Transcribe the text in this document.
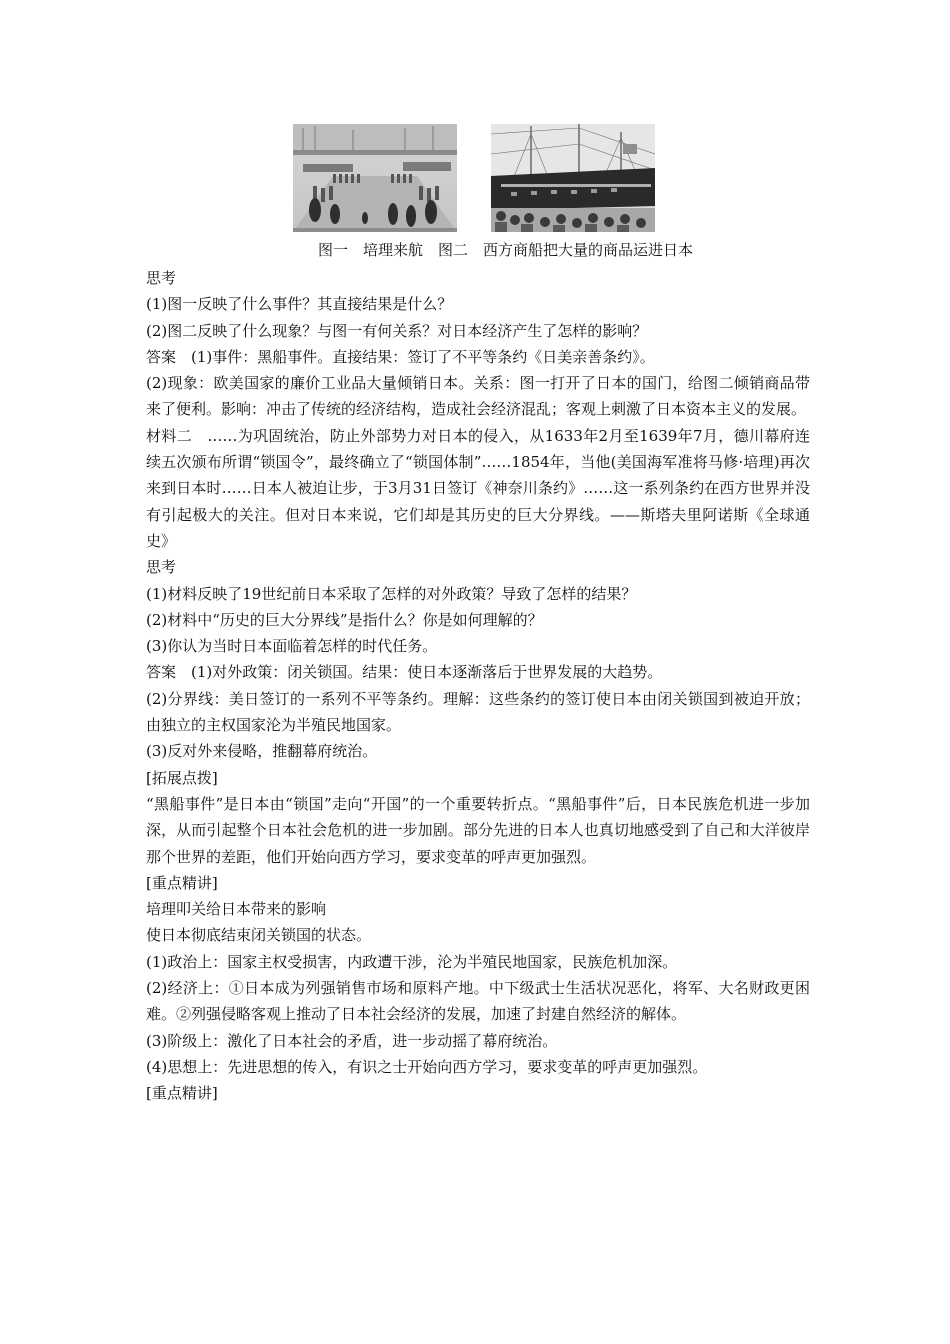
图一　培理来航　图二　西方商船把大量的商品运进日本

思考

(1)图一反映了什么事件？其直接结果是什么？

(2)图二反映了什么现象？与图一有何关系？对日本经济产生了怎样的影响？

答案　(1)事件：黑船事件。直接结果：签订了不平等条约《日美亲善条约》。

(2)现象：欧美国家的廉价工业品大量倾销日本。关系：图一打开了日本的国门，给图二倾销商品带来了便利。影响：冲击了传统的经济结构，造成社会经济混乱；客观上刺激了日本资本主义的发展。

材料二　……为巩固统治，防止外部势力对日本的侵入，从1633年2月至1639年7月，德川幕府连续五次颁布所谓“锁国令”，最终确立了“锁国体制”……1854年，当他(美国海军准将马修·培理)再次来到日本时……日本人被迫让步，于3月31日签订《神奈川条约》……这一系列条约在西方世界并没有引起极大的关注。但对日本来说，它们却是其历史的巨大分界线。——斯塔夫里阿诺斯《全球通史》

思考

(1)材料反映了19世纪前日本采取了怎样的对外政策？导致了怎样的结果？

(2)材料中“历史的巨大分界线”是指什么？你是如何理解的？

(3)你认为当时日本面临着怎样的时代任务。

答案　(1)对外政策：闭关锁国。结果：使日本逐渐落后于世界发展的大趋势。

(2)分界线：美日签订的一系列不平等条约。理解：这些条约的签订使日本由闭关锁国到被迫开放；由独立的主权国家沦为半殖民地国家。

(3)反对外来侵略，推翻幕府统治。

[拓展点拨]

“黑船事件”是日本由“锁国”走向“开国”的一个重要转折点。“黑船事件”后，日本民族危机进一步加深，从而引起整个日本社会危机的进一步加剧。部分先进的日本人也真切地感受到了自己和大洋彼岸那个世界的差距，他们开始向西方学习，要求变革的呼声更加强烈。

[重点精讲]

培理叩关给日本带来的影响

使日本彻底结束闭关锁国的状态。

(1)政治上：国家主权受损害，内政遭干涉，沦为半殖民地国家，民族危机加深。

(2)经济上：①日本成为列强销售市场和原料产地。中下级武士生活状况恶化，将军、大名财政更困难。②列强侵略客观上推动了日本社会经济的发展，加速了封建自然经济的解体。

(3)阶级上：激化了日本社会的矛盾，进一步动摇了幕府统治。

(4)思想上：先进思想的传入，有识之士开始向西方学习，要求变革的呼声更加强烈。

[重点精讲]
